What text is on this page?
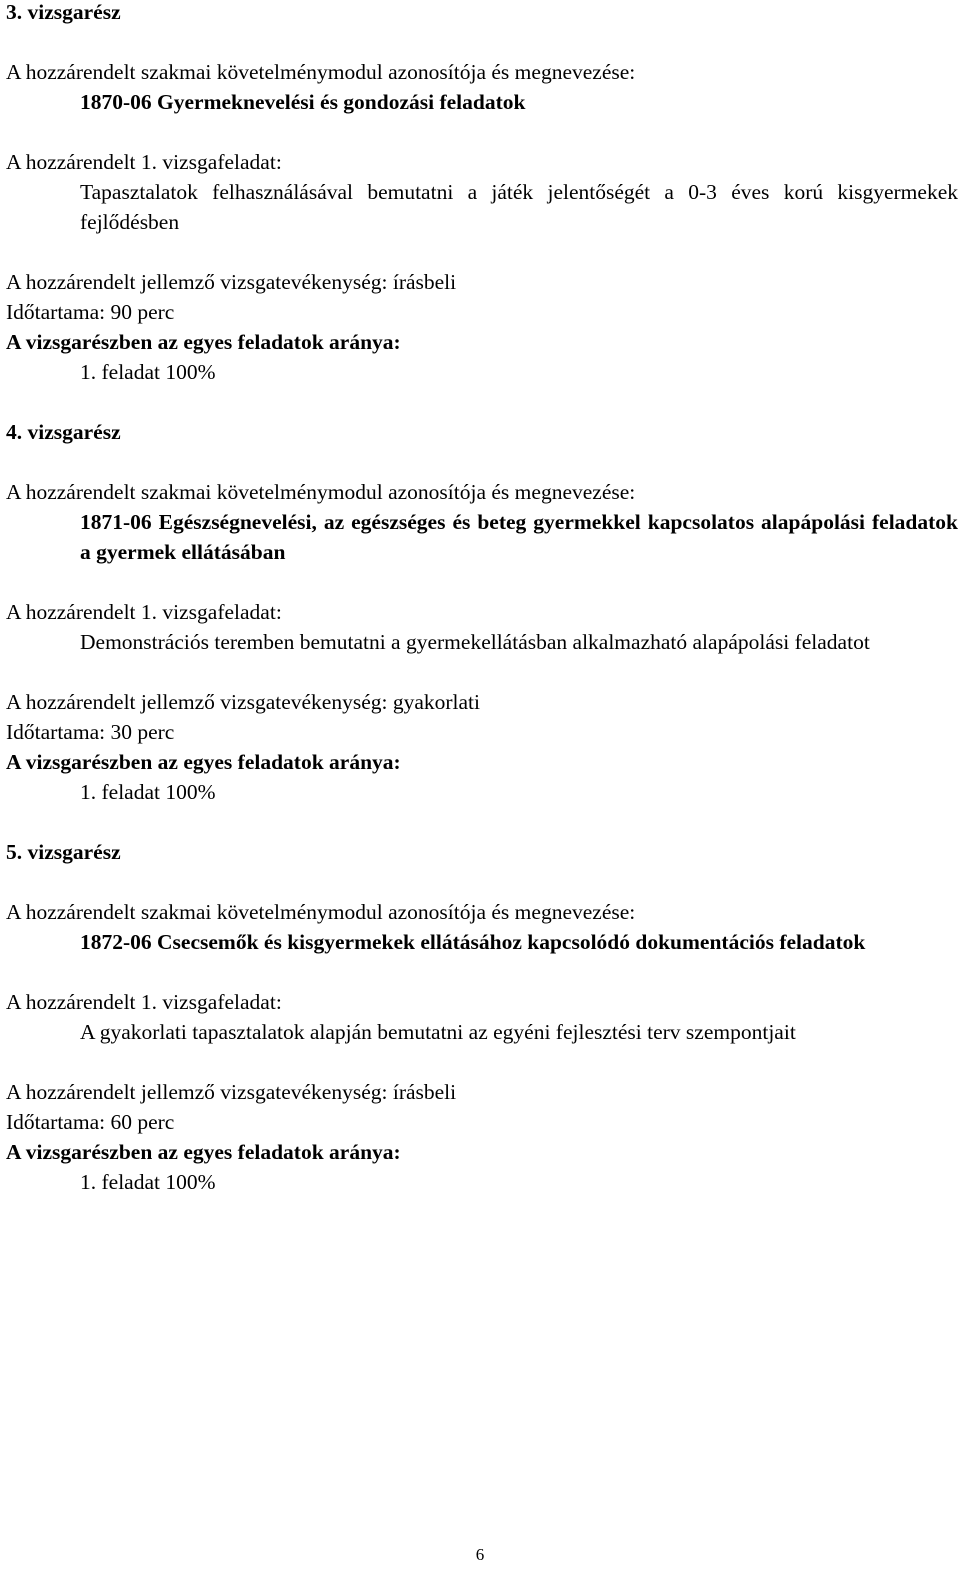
3. vizsgarész

A hozzárendelt szakmai követelménymodul azonosítója és megnevezése:

1870-06 Gyermeknevelési és gondozási feladatok

A hozzárendelt 1. vizsgafeladat:

Tapasztalatok felhasználásával bemutatni a játék jelentőségét a 0-3 éves korú kisgyermekek fejlődésben

A hozzárendelt jellemző vizsgatevékenység: írásbeli

Időtartama: 90 perc

A vizsgarészben az egyes feladatok aránya:

1. feladat 100%

4. vizsgarész

A hozzárendelt szakmai követelménymodul azonosítója és megnevezése:

1871-06 Egészségnevelési, az egészséges és beteg gyermekkel kapcsolatos alapápolási feladatok a gyermek ellátásában

A hozzárendelt 1. vizsgafeladat:

Demonstrációs teremben bemutatni a gyermekellátásban alkalmazható alapápolási feladatot

A hozzárendelt jellemző vizsgatevékenység: gyakorlati

Időtartama: 30 perc

A vizsgarészben az egyes feladatok aránya:

1. feladat 100%

5. vizsgarész

A hozzárendelt szakmai követelménymodul azonosítója és megnevezése:

1872-06 Csecsemők és kisgyermekek ellátásához kapcsolódó dokumentációs feladatok

A hozzárendelt 1. vizsgafeladat:

A gyakorlati tapasztalatok alapján bemutatni az egyéni fejlesztési terv szempontjait

A hozzárendelt jellemző vizsgatevékenység: írásbeli

Időtartama: 60 perc

A vizsgarészben az egyes feladatok aránya:

1. feladat 100%

6
